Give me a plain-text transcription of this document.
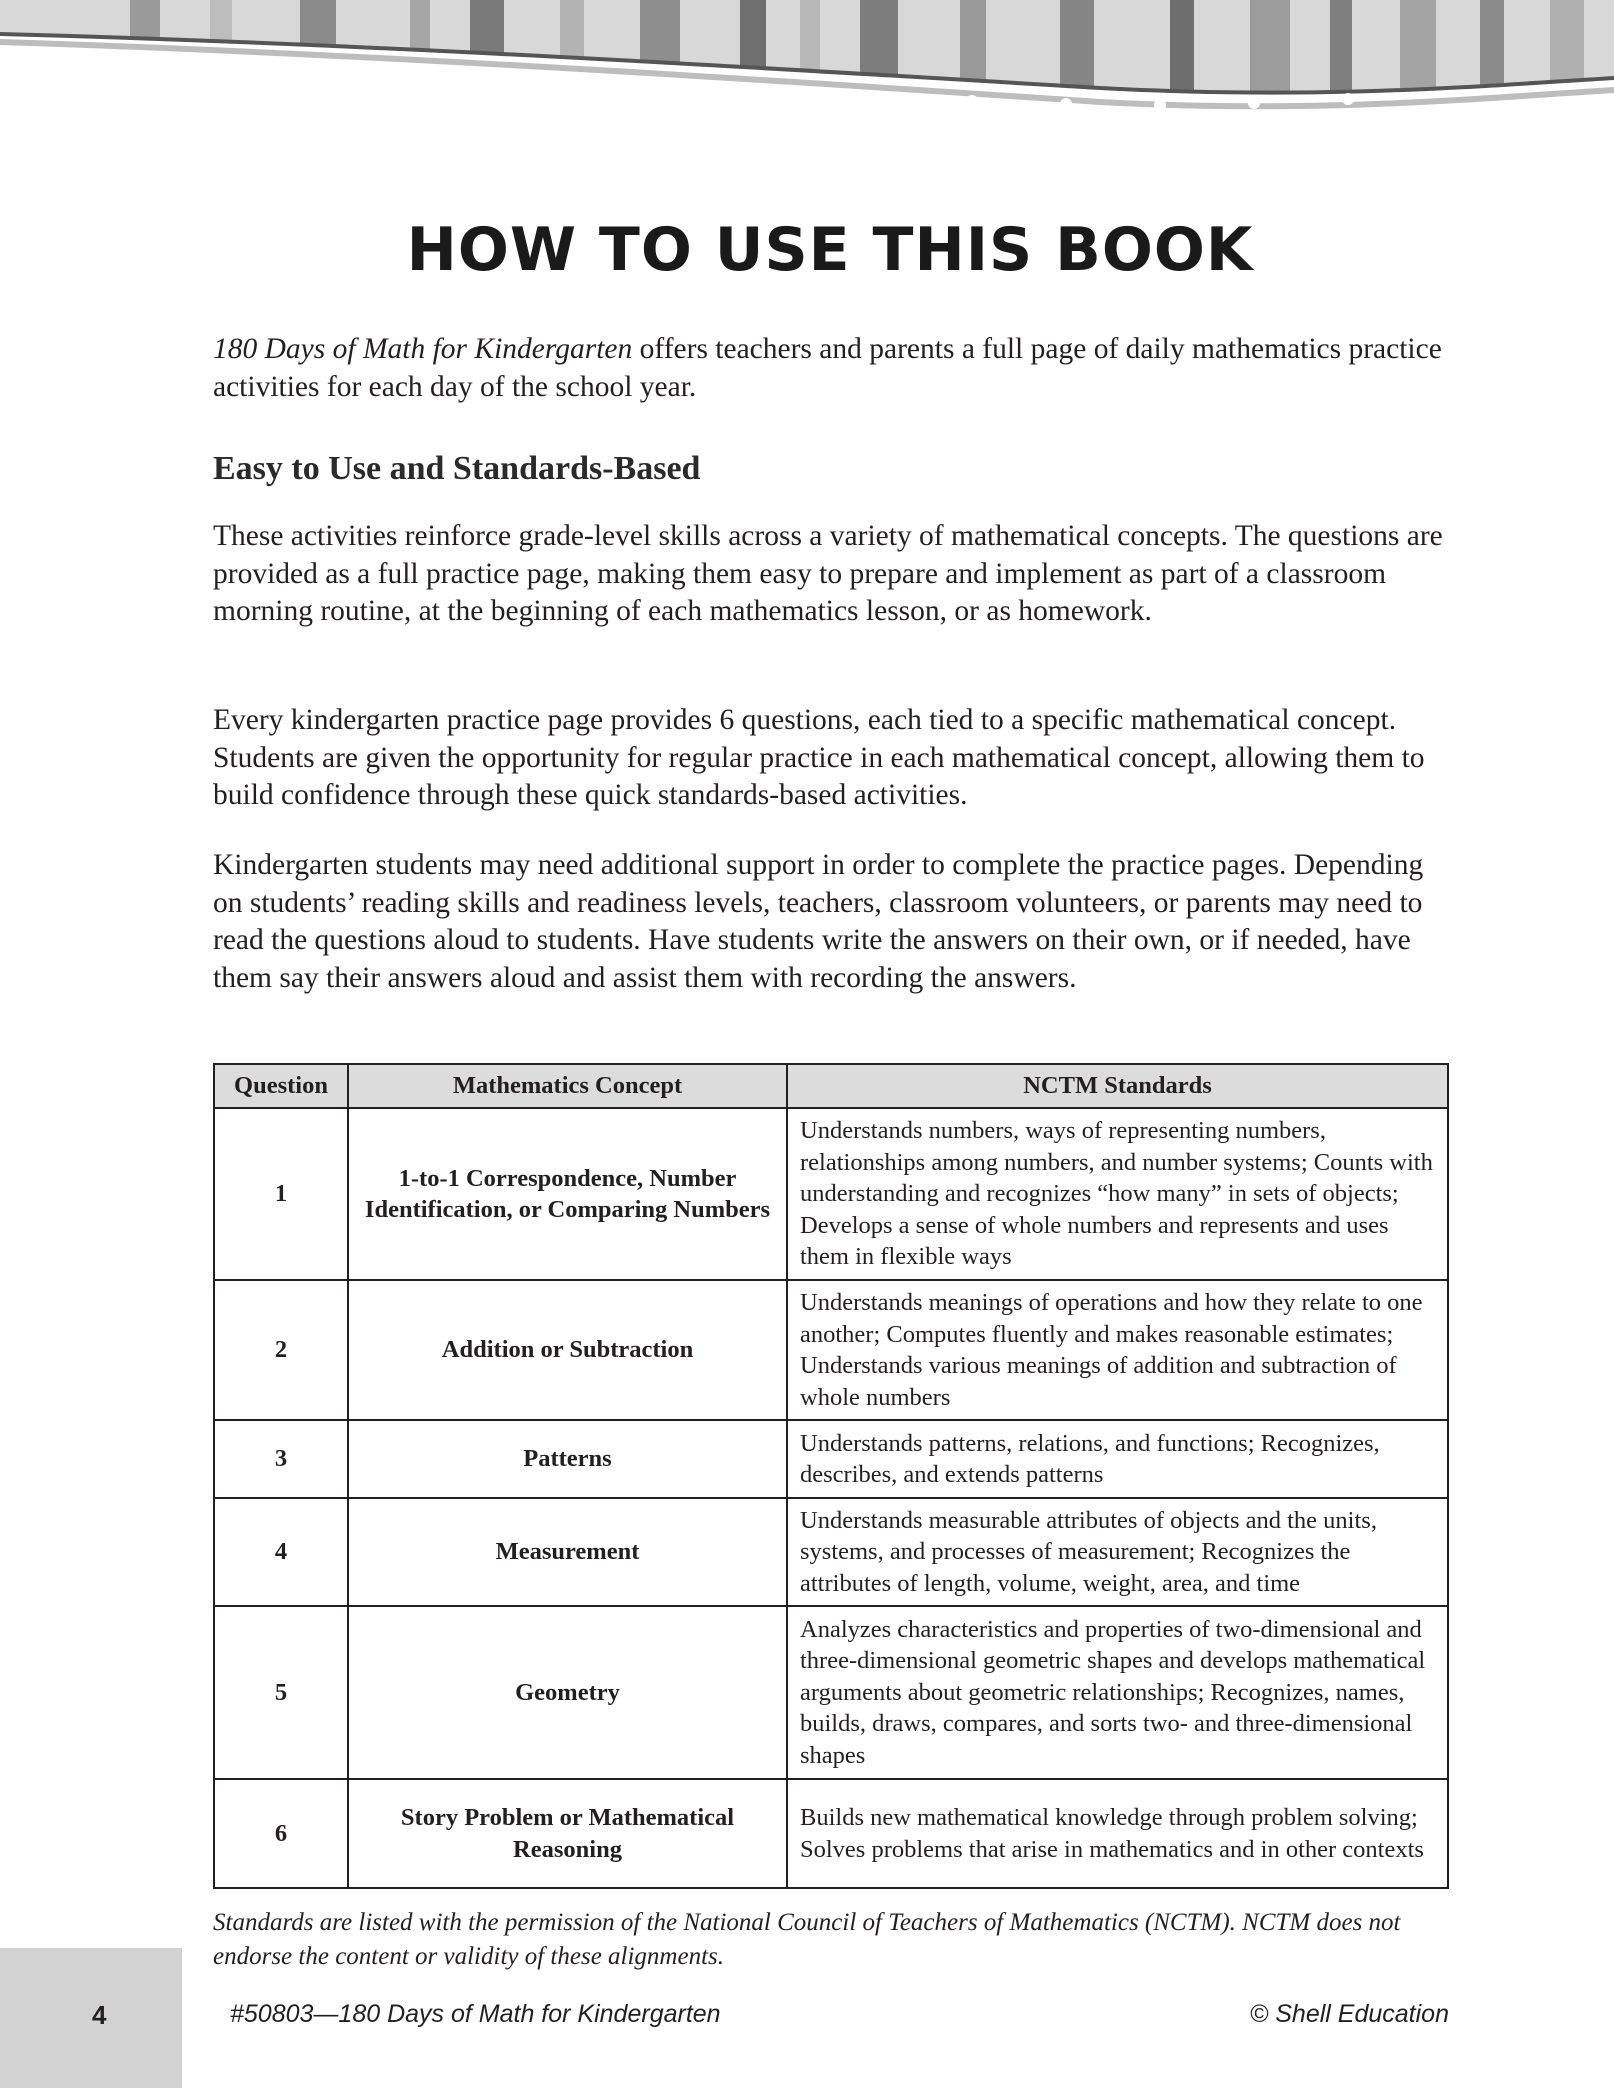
HOW TO USE THIS BOOK
180 Days of Math for Kindergarten offers teachers and parents a full page of daily mathematics practice activities for each day of the school year.
Easy to Use and Standards-Based
These activities reinforce grade-level skills across a variety of mathematical concepts. The questions are provided as a full practice page, making them easy to prepare and implement as part of a classroom morning routine, at the beginning of each mathematics lesson, or as homework.
Every kindergarten practice page provides 6 questions, each tied to a specific mathematical concept. Students are given the opportunity for regular practice in each mathematical concept, allowing them to build confidence through these quick standards-based activities.
Kindergarten students may need additional support in order to complete the practice pages. Depending on students’ reading skills and readiness levels, teachers, classroom volunteers, or parents may need to read the questions aloud to students. Have students write the answers on their own, or if needed, have them say their answers aloud and assist them with recording the answers.
Question	Mathematics Concept	NCTM Standards
1	1-to-1 Correspondence, Number Identification, or Comparing Numbers	Understands numbers, ways of representing numbers, relationships among numbers, and number systems; Counts with understanding and recognizes “how many” in sets of objects; Develops a sense of whole numbers and represents and uses them in flexible ways
2	Addition or Subtraction	Understands meanings of operations and how they relate to one another; Computes fluently and makes reasonable estimates; Understands various meanings of addition and subtraction of whole numbers
3	Patterns	Understands patterns, relations, and functions; Recognizes, describes, and extends patterns
4	Measurement	Understands measurable attributes of objects and the units, systems, and processes of measurement; Recognizes the attributes of length, volume, weight, area, and time
5	Geometry	Analyzes characteristics and properties of two-dimensional and three-dimensional geometric shapes and develops mathematical arguments about geometric relationships; Recognizes, names, builds, draws, compares, and sorts two- and three-dimensional shapes
6	Story Problem or Mathematical Reasoning	Builds new mathematical knowledge through problem solving; Solves problems that arise in mathematics and in other contexts
Standards are listed with the permission of the National Council of Teachers of Mathematics (NCTM). NCTM does not endorse the content or validity of these alignments.
4	#50803—180 Days of Math for Kindergarten	© Shell Education
